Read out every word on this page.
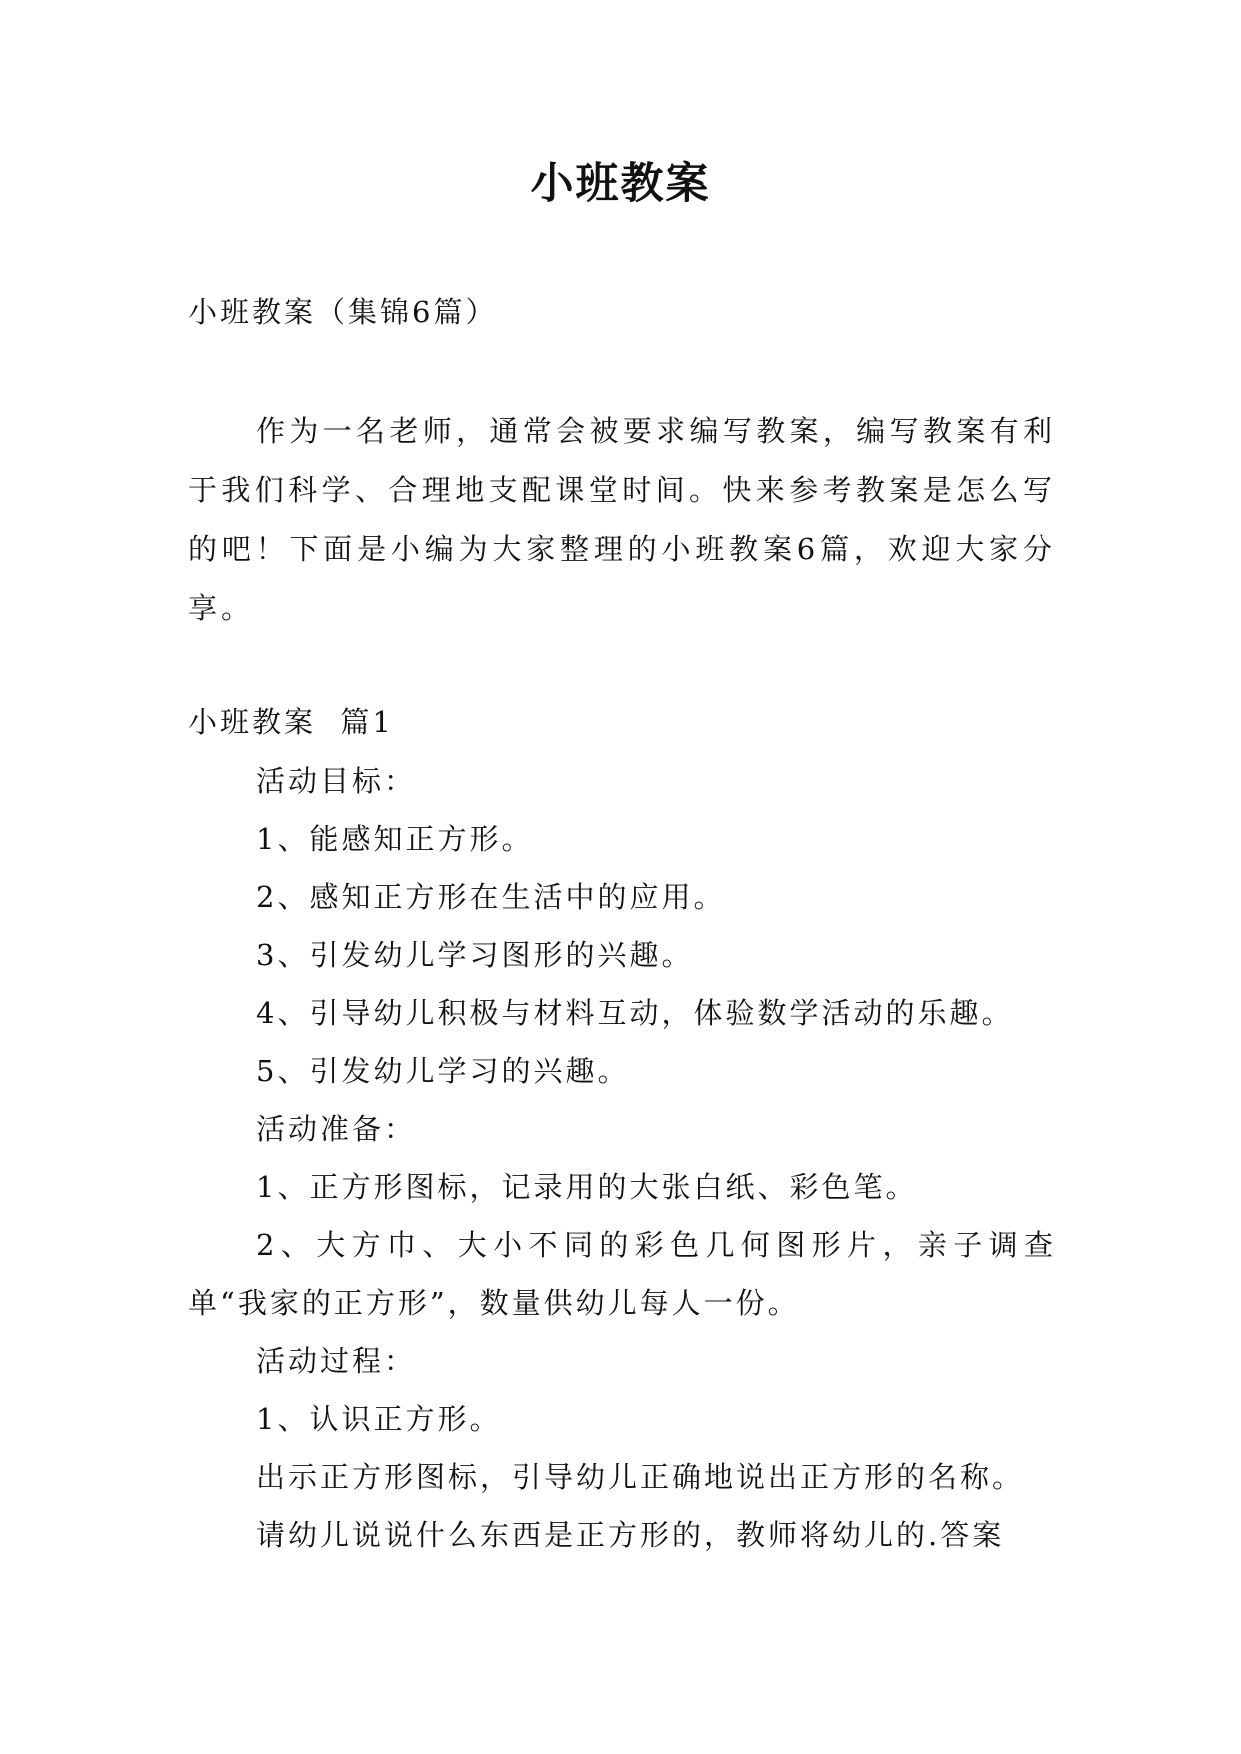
小班教案

小班教案（集锦6篇）

作为一名老师，通常会被要求编写教案，编写教案有利于我们科学、合理地支配课堂时间。快来参考教案是怎么写的吧！下面是小编为大家整理的小班教案6篇，欢迎大家分享。

小班教案  篇1

活动目标：
1、能感知正方形。
2、感知正方形在生活中的应用。
3、引发幼儿学习图形的兴趣。
4、引导幼儿积极与材料互动，体验数学活动的乐趣。
5、引发幼儿学习的兴趣。
活动准备：
1、正方形图标，记录用的大张白纸、彩色笔。
2、大方巾、大小不同的彩色几何图形片，亲子调查单“我家的正方形”，数量供幼儿每人一份。
活动过程：
1、认识正方形。
出示正方形图标，引导幼儿正确地说出正方形的名称。
请幼儿说说什么东西是正方形的，教师将幼儿的.答案
